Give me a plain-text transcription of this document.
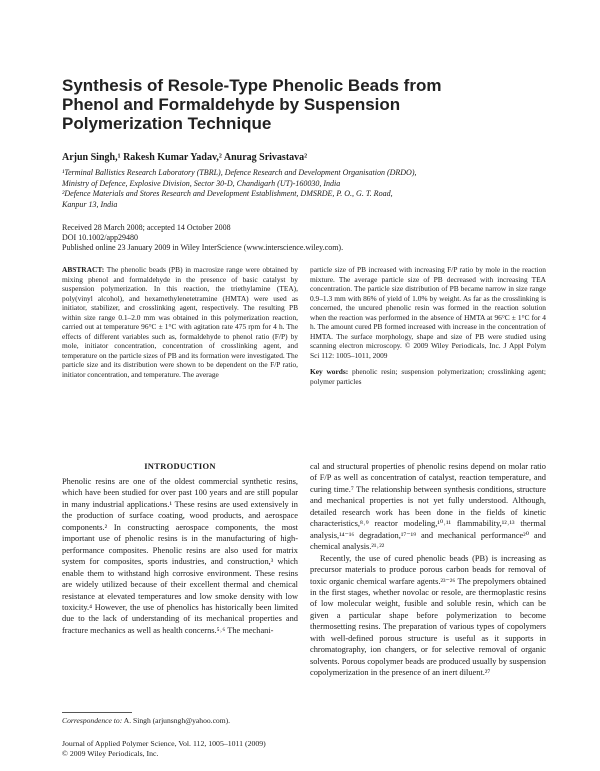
Synthesis of Resole-Type Phenolic Beads from
Phenol and Formaldehyde by Suspension
Polymerization Technique
Arjun Singh,¹ Rakesh Kumar Yadav,² Anurag Srivastava²
¹Terminal Ballistics Research Laboratory (TBRL), Defence Research and Development Organisation (DRDO),
Ministry of Defence, Explosive Division, Sector 30-D, Chandigarh (UT)-160030, India
²Defence Materials and Stores Research and Development Establishment, DMSRDE, P. O., G. T. Road,
Kanpur 13, India
Received 28 March 2008; accepted 14 October 2008
DOI 10.1002/app29480
Published online 23 January 2009 in Wiley InterScience (www.interscience.wiley.com).
ABSTRACT: The phenolic beads (PB) in macrosize range were obtained by mixing phenol and formaldehyde in the presence of basic catalyst by suspension polymerization. In this reaction, the triethylamine (TEA), poly(vinyl alcohol), and hexamethylenetetramine (HMTA) were used as initiator, stabilizer, and crosslinking agent, respectively. The resulting PB within size range 0.1–2.0 mm was obtained in this polymerization reaction, carried out at temperature 96°C ± 1°C with agitation rate 475 rpm for 4 h. The effects of different variables such as, formaldehyde to phenol ratio (F/P) by mole, initiator concentration, concentration of crosslinking agent, and temperature on the particle sizes of PB and its formation were investigated. The particle size and its distribution were shown to be dependent on the F/P ratio, initiator concentration, and temperature. The average
particle size of PB increased with increasing F/P ratio by mole in the reaction mixture. The average particle size of PB decreased with increasing TEA concentration. The particle size distribution of PB became narrow in size range 0.9–1.3 mm with 86% of yield of 1.0% by weight. As far as the crosslinking is concerned, the uncured phenolic resin was formed in the reaction solution when the reaction was performed in the absence of HMTA at 96°C ± 1°C for 4 h. The amount cured PB formed increased with increase in the concentration of HMTA. The surface morphology, shape and size of PB were studied using scanning electron microscopy. © 2009 Wiley Periodicals, Inc. J Appl Polym Sci 112: 1005–1011, 2009
Key words: phenolic resin; suspension polymerization; crosslinking agent; polymer particles
INTRODUCTION

Phenolic resins are one of the oldest commercial synthetic resins, which have been studied for over past 100 years and are still popular in many industrial applications.¹ These resins are used extensively in the production of surface coating, wood products, and aerospace components.² In constructing aerospace components, the most important use of phenolic resins is in the manufacturing of high-performance composites. Phenolic resins are also used for matrix system for composites, sports industries, and construction,³ which enable them to withstand high corrosive environment. These resins are widely utilized because of their excellent thermal and chemical resistance at elevated temperatures and low smoke density with low toxicity.⁴ However, the use of phenolics has historically been limited due to the lack of understanding of its mechanical properties and fracture mechanics as well as health concerns.⁵˒⁶ The mechani-

cal and structural properties of phenolic resins depend on molar ratio of F/P as well as concentration of catalyst, reaction temperature, and curing time.⁷ The relationship between synthesis conditions, structure and mechanical properties is not yet fully understood. Although, detailed research work has been done in the fields of kinetic characteristics,⁸˒⁹ reactor modeling,¹⁰˒¹¹ flammability,¹²˒¹³ thermal analysis,¹⁴⁻¹⁶ degradation,¹⁷⁻¹⁹ and mechanical performance²⁰ and chemical analysis.²¹˒²²

Recently, the use of cured phenolic beads (PB) is increasing as precursor materials to produce porous carbon beads for removal of toxic organic chemical warfare agents.²³⁻²⁶ The prepolymers obtained in the first stages, whether novolac or resole, are thermoplastic resins of low molecular weight, fusible and soluble resin, which can be given a particular shape before polymerization to become thermosetting resins. The preparation of various types of copolymers with well-defined porous structure is useful as it supports in chromatography, ion changers, or for selective removal of organic solvents. Porous copolymer beads are produced usually by suspension copolymerization in the presence of an inert diluent.²⁷

Correspondence to: A. Singh (arjunsngh@yahoo.com).
Journal of Applied Polymer Science, Vol. 112, 1005–1011 (2009)
© 2009 Wiley Periodicals, Inc.
